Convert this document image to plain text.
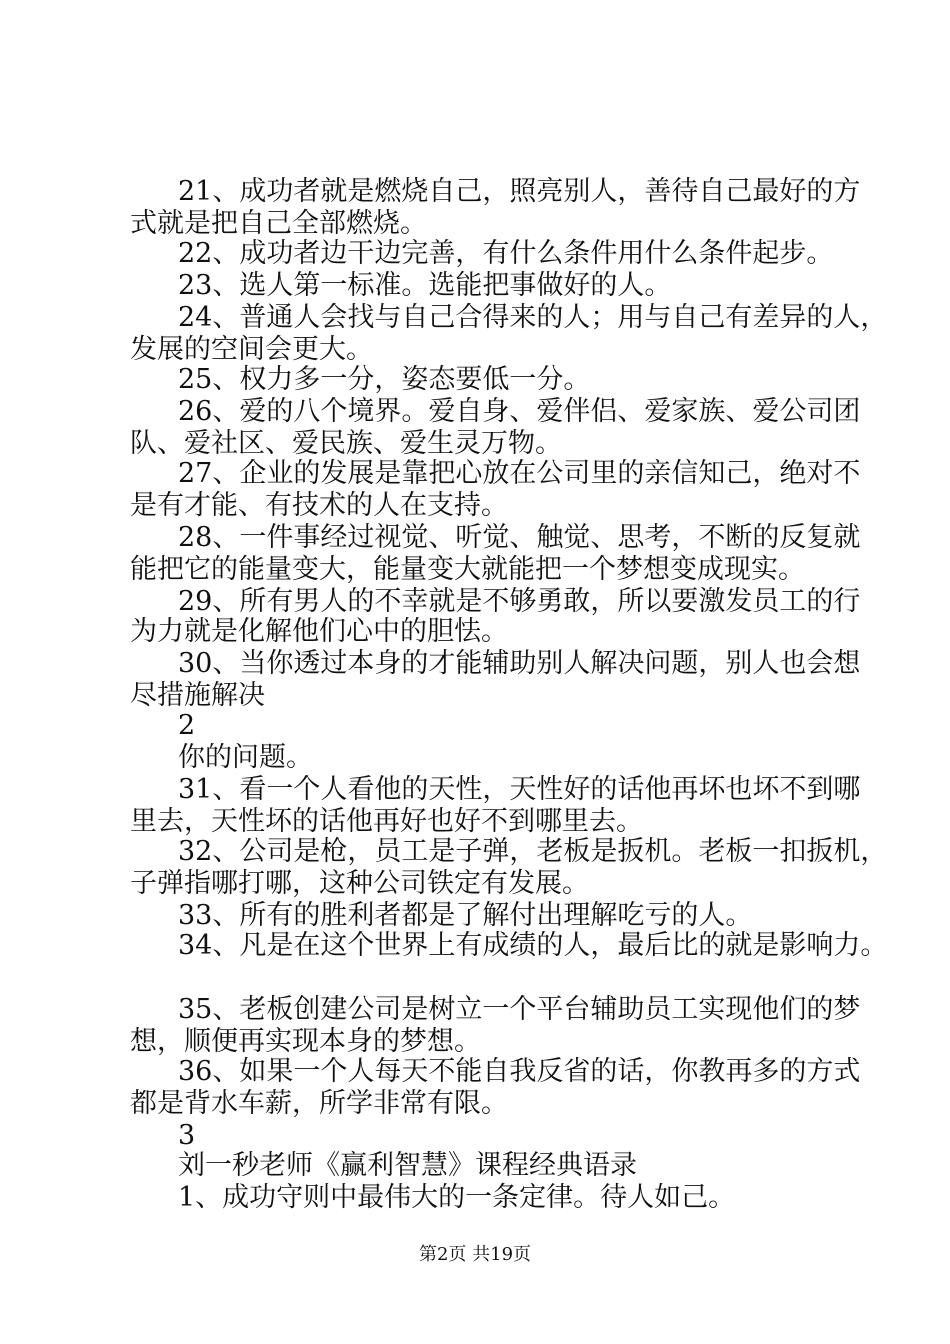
21、成功者就是燃烧自己，照亮别人，善待自己最好的方
式就是把自己全部燃烧。
22、成功者边干边完善，有什么条件用什么条件起步。
23、选人第一标准。选能把事做好的人。
24、普通人会找与自己合得来的人；用与自己有差异的人，
发展的空间会更大。
25、权力多一分，姿态要低一分。
26、爱的八个境界。爱自身、爱伴侣、爱家族、爱公司团
队、爱社区、爱民族、爱生灵万物。
27、企业的发展是靠把心放在公司里的亲信知己，绝对不
是有才能、有技术的人在支持。
28、一件事经过视觉、听觉、触觉、思考，不断的反复就
能把它的能量变大，能量变大就能把一个梦想变成现实。
29、所有男人的不幸就是不够勇敢，所以要激发员工的行
为力就是化解他们心中的胆怯。
30、当你透过本身的才能辅助别人解决问题，别人也会想
尽措施解决
2
你的问题。
31、看一个人看他的天性，天性好的话他再坏也坏不到哪
里去，天性坏的话他再好也好不到哪里去。
32、公司是枪，员工是子弹，老板是扳机。老板一扣扳机，
子弹指哪打哪，这种公司铁定有发展。
33、所有的胜利者都是了解付出理解吃亏的人。
34、凡是在这个世界上有成绩的人，最后比的就是影响力。
35、老板创建公司是树立一个平台辅助员工实现他们的梦
想，顺便再实现本身的梦想。
36、如果一个人每天不能自我反省的话，你教再多的方式
都是背水车薪，所学非常有限。
3
刘一秒老师《赢利智慧》课程经典语录
1、成功守则中最伟大的一条定律。待人如己。
第2页 共19页
